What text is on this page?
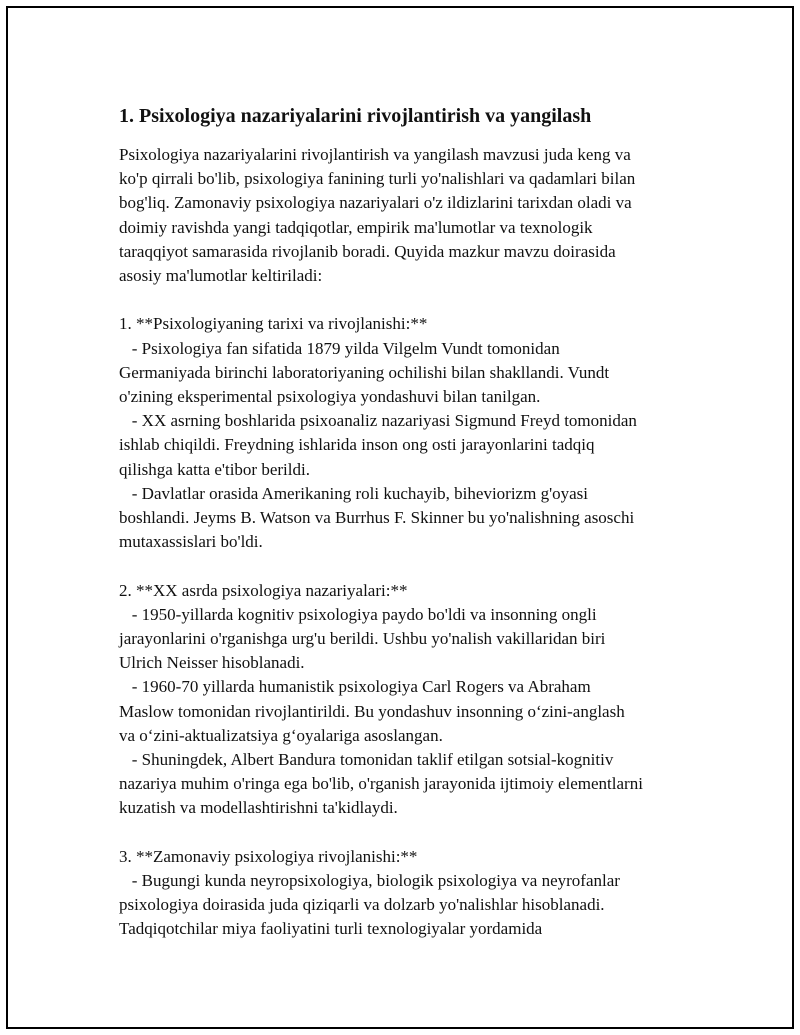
1. Psixologiya nazariyalarini rivojlantirish va yangilash

Psixologiya nazariyalarini rivojlantirish va yangilash mavzusi juda keng va
ko'p qirrali bo'lib, psixologiya fanining turli yo'nalishlari va qadamlari bilan
bog'liq. Zamonaviy psixologiya nazariyalari o'z ildizlarini tarixdan oladi va
doimiy ravishda yangi tadqiqotlar, empirik ma'lumotlar va texnologik
taraqqiyot samarasida rivojlanib boradi. Quyida mazkur mavzu doirasida
asosiy ma'lumotlar keltiriladi:

1. **Psixologiyaning tarixi va rivojlanishi:**
- Psixologiya fan sifatida 1879 yilda Vilgelm Vundt tomonidan
Germaniyada birinchi laboratoriyaning ochilishi bilan shakllandi. Vundt
o'zining eksperimental psixologiya yondashuvi bilan tanilgan.
- XX asrning boshlarida psixoanaliz nazariyasi Sigmund Freyd tomonidan
ishlab chiqildi. Freydning ishlarida inson ong osti jarayonlarini tadqiq
qilishga katta e'tibor berildi.
- Davlatlar orasida Amerikaning roli kuchayib, biheviorizm g'oyasi
boshlandi. Jeyms B. Watson va Burrhus F. Skinner bu yo'nalishning asoschi
mutaxassislari bo'ldi.

2. **XX asrda psixologiya nazariyalari:**
- 1950-yillarda kognitiv psixologiya paydo bo'ldi va insonning ongli
jarayonlarini o'rganishga urg'u berildi. Ushbu yo'nalish vakillaridan biri
Ulrich Neisser hisoblanadi.
- 1960-70 yillarda humanistik psixologiya Carl Rogers va Abraham
Maslow tomonidan rivojlantirildi. Bu yondashuv insonning o‘zini-anglash
va o‘zini-aktualizatsiya g‘oyalariga asoslangan.
- Shuningdek, Albert Bandura tomonidan taklif etilgan sotsial-kognitiv
nazariya muhim o'ringa ega bo'lib, o'rganish jarayonida ijtimoiy elementlarni
kuzatish va modellashtirishni ta'kidlaydi.

3. **Zamonaviy psixologiya rivojlanishi:**
- Bugungi kunda neyropsixologiya, biologik psixologiya va neyrofanlar
psixologiya doirasida juda qiziqarli va dolzarb yo'nalishlar hisoblanadi.
Tadqiqotchilar miya faoliyatini turli texnologiyalar yordamida
